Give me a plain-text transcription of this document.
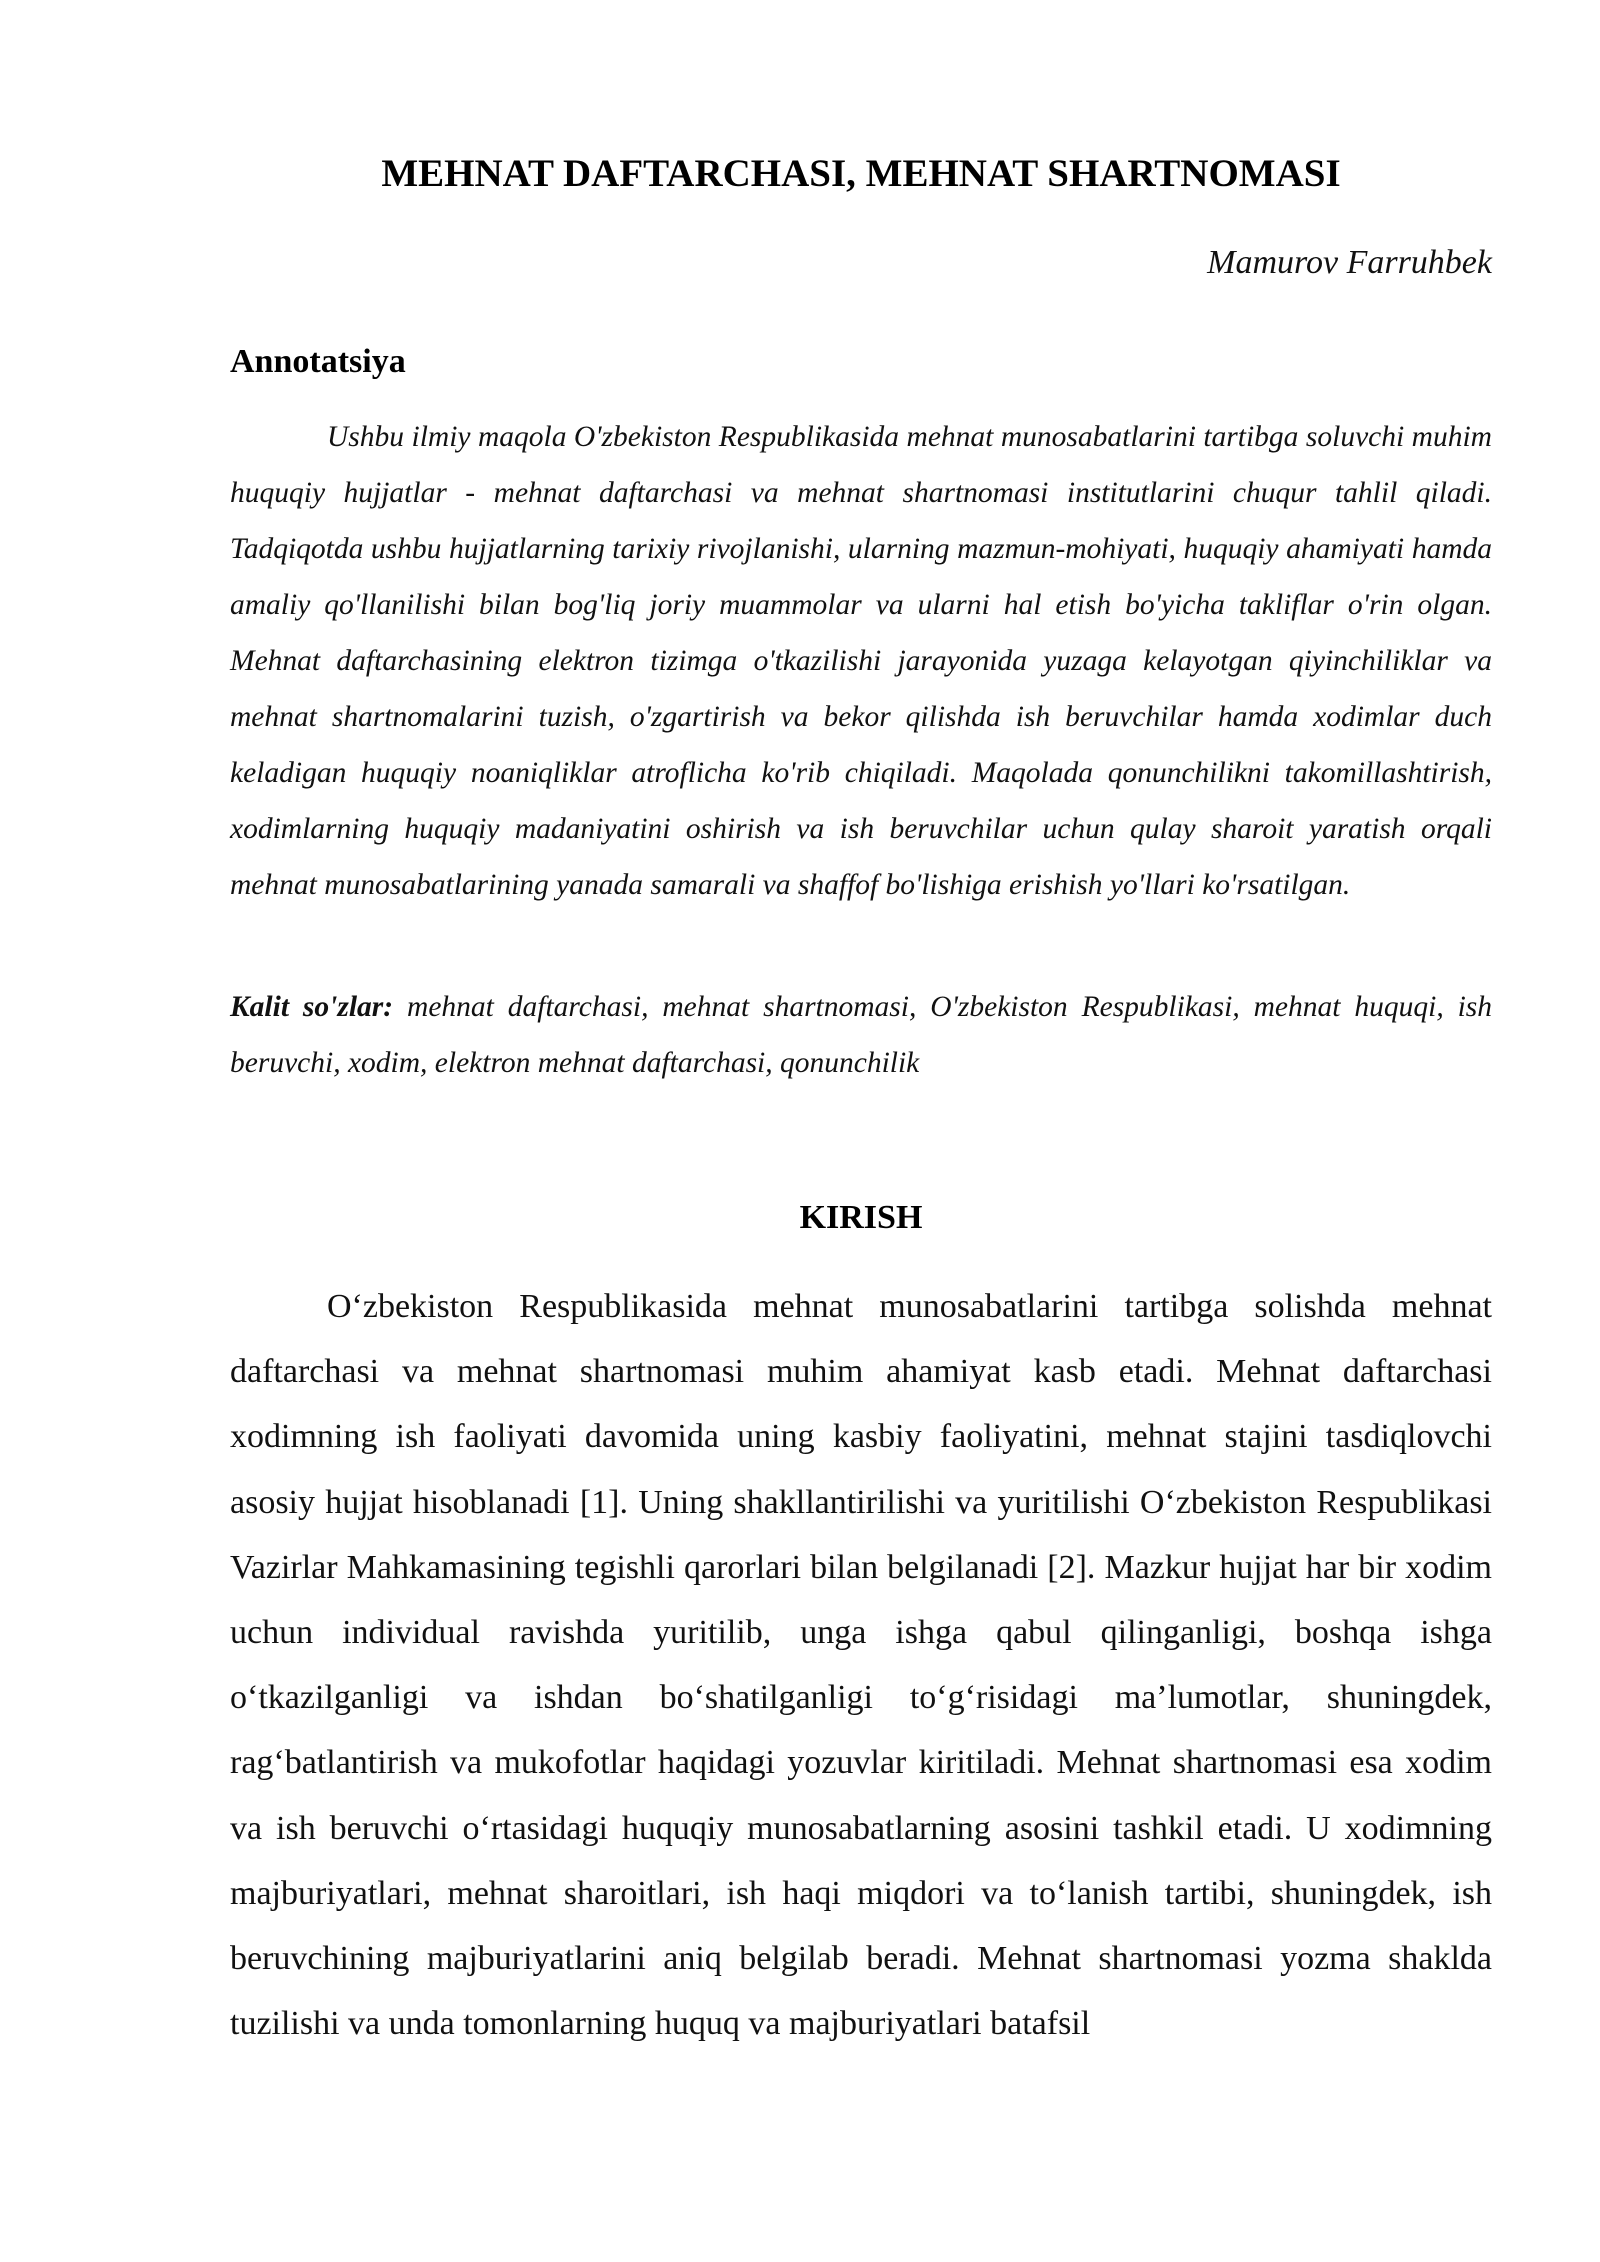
MEHNAT DAFTARCHASI, MEHNAT SHARTNOMASI

Mamurov Farruhbek

Annotatsiya

Ushbu ilmiy maqola O'zbekiston Respublikasida mehnat munosabatlarini tartibga soluvchi muhim huquqiy hujjatlar - mehnat daftarchasi va mehnat shartnomasi institutlarini chuqur tahlil qiladi. Tadqiqotda ushbu hujjatlarning tarixiy rivojlanishi, ularning mazmun-mohiyati, huquqiy ahamiyati hamda amaliy qo'llanilishi bilan bog'liq joriy muammolar va ularni hal etish bo'yicha takliflar o'rin olgan. Mehnat daftarchasining elektron tizimga o'tkazilishi jarayonida yuzaga kelayotgan qiyinchiliklar va mehnat shartnomalarini tuzish, o'zgartirish va bekor qilishda ish beruvchilar hamda xodimlar duch keladigan huquqiy noaniqliklar atroflicha ko'rib chiqiladi. Maqolada qonunchilikni takomillashtirish, xodimlarning huquqiy madaniyatini oshirish va ish beruvchilar uchun qulay sharoit yaratish orqali mehnat munosabatlarining yanada samarali va shaffof bo'lishiga erishish yo'llari ko'rsatilgan.

Kalit so'zlar: mehnat daftarchasi, mehnat shartnomasi, O'zbekiston Respublikasi, mehnat huquqi, ish beruvchi, xodim, elektron mehnat daftarchasi, qonunchilik

KIRISH

O‘zbekiston Respublikasida mehnat munosabatlarini tartibga solishda mehnat daftarchasi va mehnat shartnomasi muhim ahamiyat kasb etadi. Mehnat daftarchasi xodimning ish faoliyati davomida uning kasbiy faoliyatini, mehnat stajini tasdiqlovchi asosiy hujjat hisoblanadi [1]. Uning shakllantirilishi va yuritilishi O‘zbekiston Respublikasi Vazirlar Mahkamasining tegishli qarorlari bilan belgilanadi [2]. Mazkur hujjat har bir xodim uchun individual ravishda yuritilib, unga ishga qabul qilinganligi, boshqa ishga o‘tkazilganligi va ishdan bo‘shatilganligi to‘g‘risidagi ma’lumotlar, shuningdek, rag‘batlantirish va mukofotlar haqidagi yozuvlar kiritiladi. Mehnat shartnomasi esa xodim va ish beruvchi o‘rtasidagi huquqiy munosabatlarning asosini tashkil etadi. U xodimning majburiyatlari, mehnat sharoitlari, ish haqi miqdori va to‘lanish tartibi, shuningdek, ish beruvchining majburiyatlarini aniq belgilab beradi. Mehnat shartnomasi yozma shaklda tuzilishi va unda tomonlarning huquq va majburiyatlari batafsil
